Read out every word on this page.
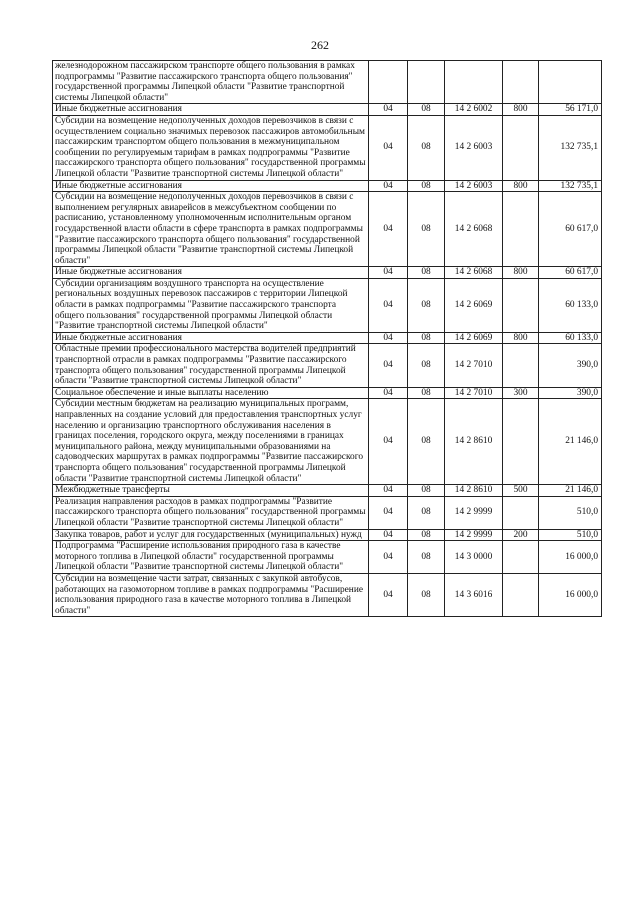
262
железнодорожном пассажирском транспорте общего пользования в рамках подпрограммы "Развитие пассажирского транспорта общего пользования" государственной программы Липецкой области "Развитие транспортной системы Липецкой области"					
Иные бюджетные ассигнования	04	08	14 2 6002	800	56 171,0
Субсидии на возмещение недополученных доходов перевозчиков в связи с осуществлением социально значимых перевозок пассажиров автомобильным пассажирским транспортом общего пользования в межмуниципальном сообщении по регулируемым тарифам в рамках подпрограммы "Развитие пассажирского транспорта общего пользования" государственной программы Липецкой области "Развитие транспортной системы Липецкой области"	04	08	14 2 6003		132 735,1
Иные бюджетные ассигнования	04	08	14 2 6003	800	132 735,1
Субсидии на возмещение недополученных доходов перевозчиков в связи с выполнением регулярных авиарейсов в межсубъектном сообщении по расписанию, установленному уполномоченным исполнительным органом государственной власти области в сфере транспорта в рамках подпрограммы "Развитие пассажирского транспорта общего пользования" государственной программы Липецкой области "Развитие транспортной системы Липецкой области"	04	08	14 2 6068		60 617,0
Иные бюджетные ассигнования	04	08	14 2 6068	800	60 617,0
Субсидии организациям воздушного транспорта на осуществление региональных воздушных перевозок пассажиров с территории Липецкой области в рамках подпрограммы "Развитие пассажирского транспорта общего пользования" государственной программы Липецкой области "Развитие транспортной системы Липецкой области"	04	08	14 2 6069		60 133,0
Иные бюджетные ассигнования	04	08	14 2 6069	800	60 133,0
Областные премии профессионального мастерства водителей предприятий транспортной отрасли в рамках подпрограммы "Развитие пассажирского транспорта общего пользования" государственной программы Липецкой области "Развитие транспортной системы Липецкой области"	04	08	14 2 7010		390,0
Социальное обеспечение и иные выплаты населению	04	08	14 2 7010	300	390,0
Субсидии местным бюджетам на реализацию муниципальных программ, направленных на создание условий для предоставления транспортных услуг населению и организацию транспортного обслуживания населения в границах поселения, городского округа, между поселениями в границах муниципального района, между муниципальными образованиями на садоводческих маршрутах в рамках подпрограммы "Развитие пассажирского транспорта общего пользования" государственной программы Липецкой области "Развитие транспортной системы Липецкой области"	04	08	14 2 8610		21 146,0
Межбюджетные трансферты	04	08	14 2 8610	500	21 146,0
Реализация направления расходов в рамках подпрограммы "Развитие пассажирского транспорта общего пользования" государственной программы Липецкой области "Развитие транспортной системы Липецкой области"	04	08	14 2 9999		510,0
Закупка товаров, работ и услуг для государственных (муниципальных) нужд	04	08	14 2 9999	200	510,0
Подпрограмма "Расширение использования природного газа в качестве моторного топлива в Липецкой области" государственной программы Липецкой области "Развитие транспортной системы Липецкой области"	04	08	14 3 0000		16 000,0
Субсидии на возмещение части затрат, связанных с закупкой автобусов, работающих на газомоторном топливе в рамках подпрограммы "Расширение использования природного газа в качестве моторного топлива в Липецкой области"	04	08	14 3 6016		16 000,0
